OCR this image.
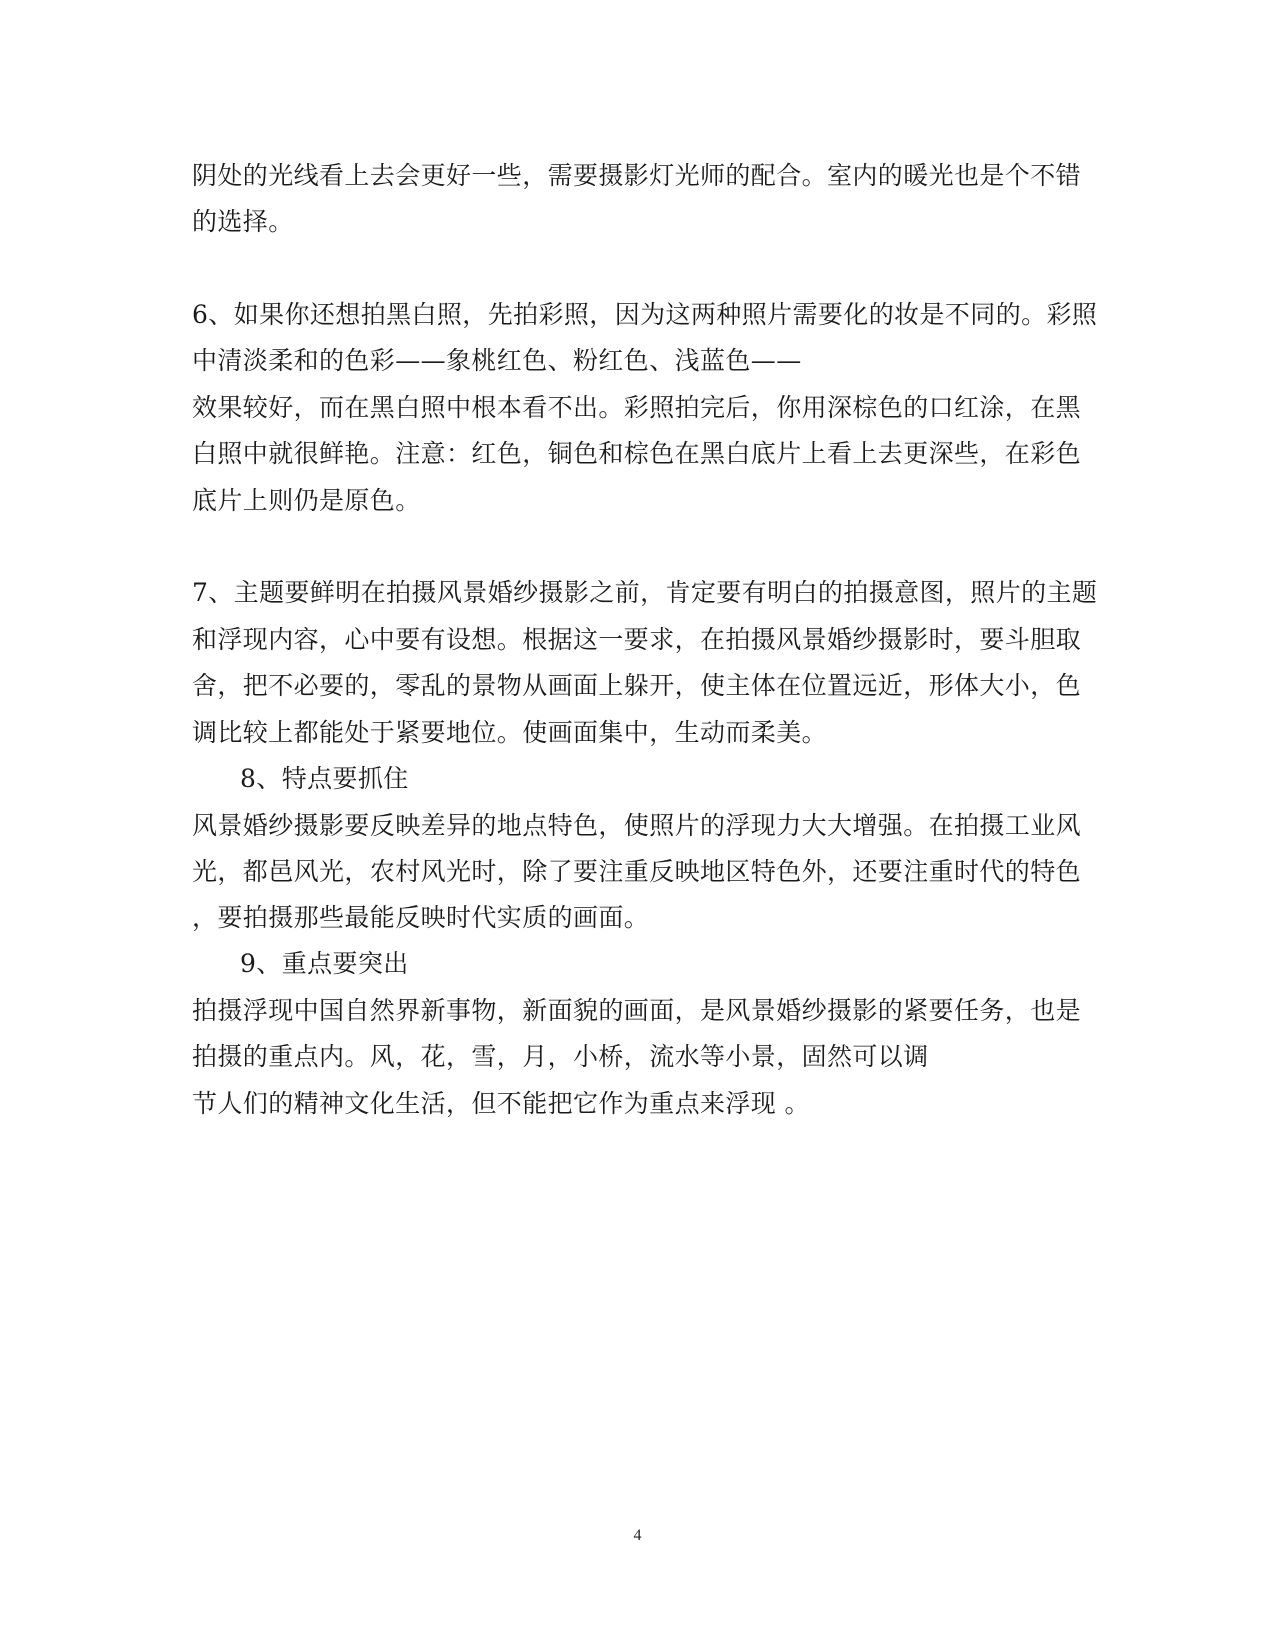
阴处的光线看上去会更好一些，需要摄影灯光师的配合。室内的暖光也是个不错
的选择。
6、如果你还想拍黑白照，先拍彩照，因为这两种照片需要化的妆是不同的。彩照
中清淡柔和的色彩——象桃红色、粉红色、浅蓝色——
效果较好，而在黑白照中根本看不出。彩照拍完后，你用深棕色的口红涂，在黑
白照中就很鲜艳。注意：红色，铜色和棕色在黑白底片上看上去更深些，在彩色
底片上则仍是原色。
7、主题要鲜明在拍摄风景婚纱摄影之前，肯定要有明白的拍摄意图，照片的主题
和浮现内容，心中要有设想。根据这一要求，在拍摄风景婚纱摄影时，要斗胆取
舍，把不必要的，零乱的景物从画面上躲开，使主体在位置远近，形体大小，色
调比较上都能处于紧要地位。使画面集中，生动而柔美。
8、特点要抓住
风景婚纱摄影要反映差异的地点特色，使照片的浮现力大大增强。在拍摄工业风
光，都邑风光，农村风光时，除了要注重反映地区特色外，还要注重时代的特色
，要拍摄那些最能反映时代实质的画面。
9、重点要突出
拍摄浮现中国自然界新事物，新面貌的画面，是风景婚纱摄影的紧要任务，也是
拍摄的重点内。风，花，雪，月，小桥，流水等小景，固然可以调
节人们的精神文化生活，但不能把它作为重点来浮现 。
4
